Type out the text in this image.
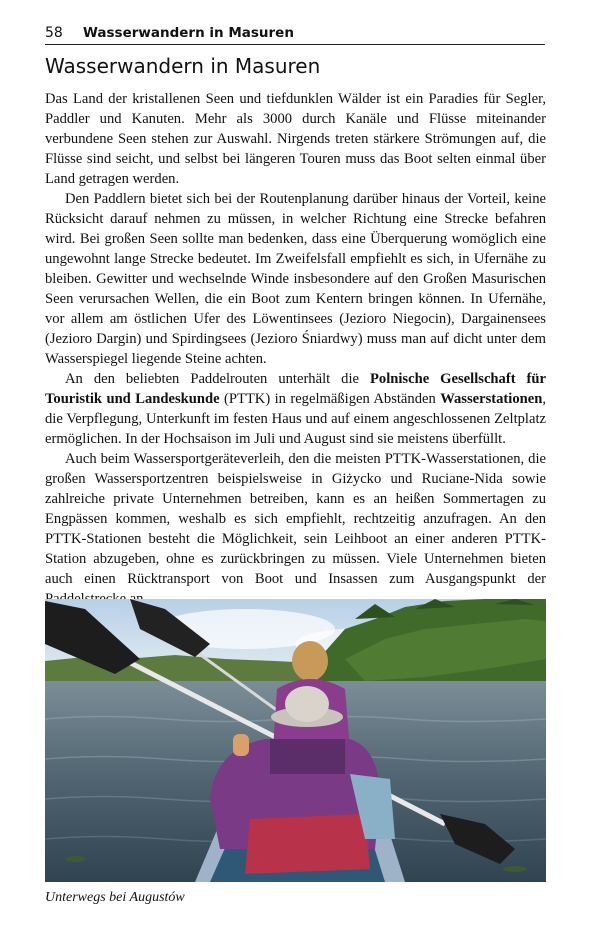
58 Wasserwandern in Masuren
Wasserwandern in Masuren

Das Land der kristallenen Seen und tiefdunklen Wälder ist ein Paradies für Segler, Paddler und Kanuten. Mehr als 3000 durch Kanäle und Flüsse miteinander verbundene Seen stehen zur Auswahl. Nirgends treten stärkere Strömungen auf, die Flüsse sind seicht, und selbst bei längeren Touren muss das Boot selten einmal über Land getragen werden.

Den Paddlern bietet sich bei der Routenplanung darüber hinaus der Vorteil, keine Rücksicht darauf nehmen zu müssen, in welcher Richtung eine Strecke befahren wird. Bei großen Seen sollte man bedenken, dass eine Überquerung womöglich eine ungewohnt lange Strecke bedeutet. Im Zweifelsfall empfiehlt es sich, in Ufernähe zu bleiben. Gewitter und wechselnde Winde insbesondere auf den Großen Masurischen Seen verursachen Wellen, die ein Boot zum Kentern bringen können. In Ufernähe, vor allem am östlichen Ufer des Löwentinsees (Jezioro Niegocin), Dargainensees (Jezioro Dargin) und Spirdingsees (Jezioro Śniardwy) muss man auf dicht unter dem Wasserspiegel liegende Steine achten.

An den beliebten Paddelrouten unterhält die Polnische Gesellschaft für Touristik und Landeskunde (PTTK) in regelmäßigen Abständen Wasserstationen, die Verpflegung, Unterkunft im festen Haus und auf einem angeschlossenen Zeltplatz ermöglichen. In der Hochsaison im Juli und August sind sie meistens überfüllt.

Auch beim Wassersportgeräteverleih, den die meisten PTTK-Wasserstationen, die großen Wassersportzentren beispielsweise in Giżycko und Ruciane-Nida sowie zahlreiche private Unternehmen betreiben, kann es an heißen Sommertagen zu Engpässen kommen, weshalb es sich empfiehlt, rechtzeitig anzufragen. An den PTTK-Stationen besteht die Möglichkeit, sein Leihboot an einer anderen PTTK-Station abzugeben, ohne es zurückbringen zu müssen. Viele Unternehmen bieten auch einen Rücktransport von Boot und Insassen zum Ausgangspunkt der

Unterwegs bei Augustów
